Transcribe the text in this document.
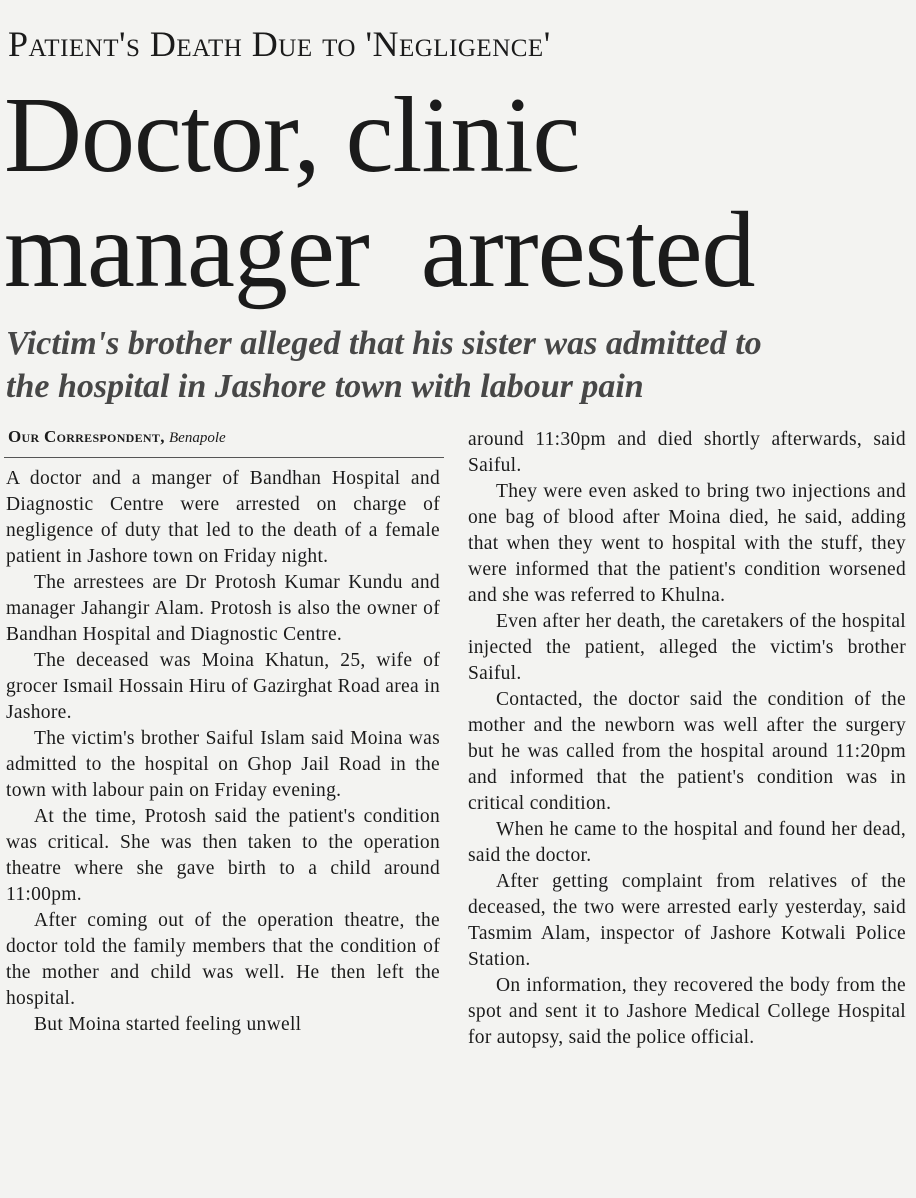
Patient's Death Due to 'Negligence'
Doctor, clinic
manager  arrested
Victim's brother alleged that his sister was admitted to
the hospital in Jashore town with labour pain
Our Correspondent, Benapole

A doctor and a manger of Bandhan Hospital and Diagnostic Centre were arrested on charge of negligence of duty that led to the death of a female patient in Jashore town on Friday night.

The arrestees are Dr Protosh Kumar Kundu and manager Jahangir Alam. Protosh is also the owner of Bandhan Hospital and Diagnostic Centre.

The deceased was Moina Khatun, 25, wife of grocer Ismail Hossain Hiru of Gazirghat Road area in Jashore.

The victim's brother Saiful Islam said Moina was admitted to the hospital on Ghop Jail Road in the town with labour pain on Friday evening.

At the time, Protosh said the patient's condition was critical. She was then taken to the operation theatre where she gave birth to a child around 11:00pm.

After coming out of the operation theatre, the doctor told the family members that the condition of the mother and child was well. He then left the hospital.

But Moina started feeling unwell

around 11:30pm and died shortly afterwards, said Saiful.

They were even asked to bring two injections and one bag of blood after Moina died, he said, adding that when they went to hospital with the stuff, they were informed that the patient's condition worsened and she was referred to Khulna.

Even after her death, the caretakers of the hospital injected the patient, alleged the victim's brother Saiful.

Contacted, the doctor said the condition of the mother and the newborn was well after the surgery but he was called from the hospital around 11:20pm and informed that the patient's condition was in critical condition.

When he came to the hospital and found her dead, said the doctor.

After getting complaint from relatives of the deceased, the two were arrested early yesterday, said Tasmim Alam, inspector of Jashore Kotwali Police Station.

On information, they recovered the body from the spot and sent it to Jashore Medical College Hospital for autopsy, said the police official.
